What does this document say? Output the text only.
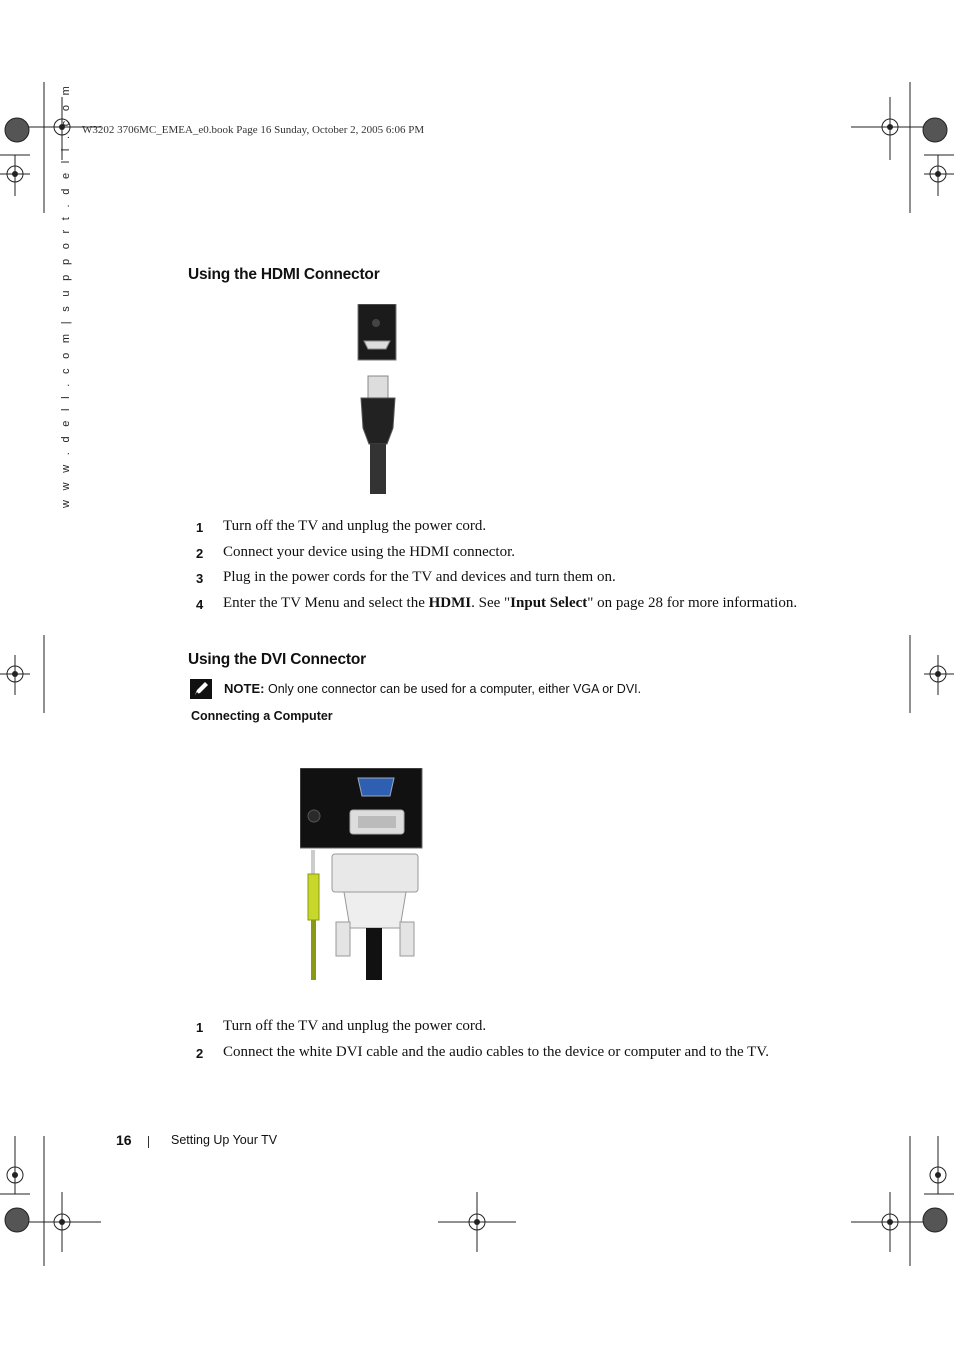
W3202 3706MC_EMEA_e0.book Page 16 Sunday, October 2, 2005 6:06 PM
w w w . d e l l . c o m | s u p p o r t . d e l l . c o m	Using the HDMI Connector
1 Turn off the TV and unplug the power cord.
2 Connect your device using the HDMI connector.
3 Plug in the power cords for the TV and devices and turn them on.
4 Enter the TV Menu and select the HDMI. See "Input Select" on page 28 for more information.
Using the DVI Connector
NOTE: Only one connector can be used for a computer, either VGA or DVI.
Connecting a Computer
1 Turn off the TV and unplug the power cord.
2 Connect the white DVI cable and the audio cables to the device or computer and to the TV.
16	Setting Up Your TV
